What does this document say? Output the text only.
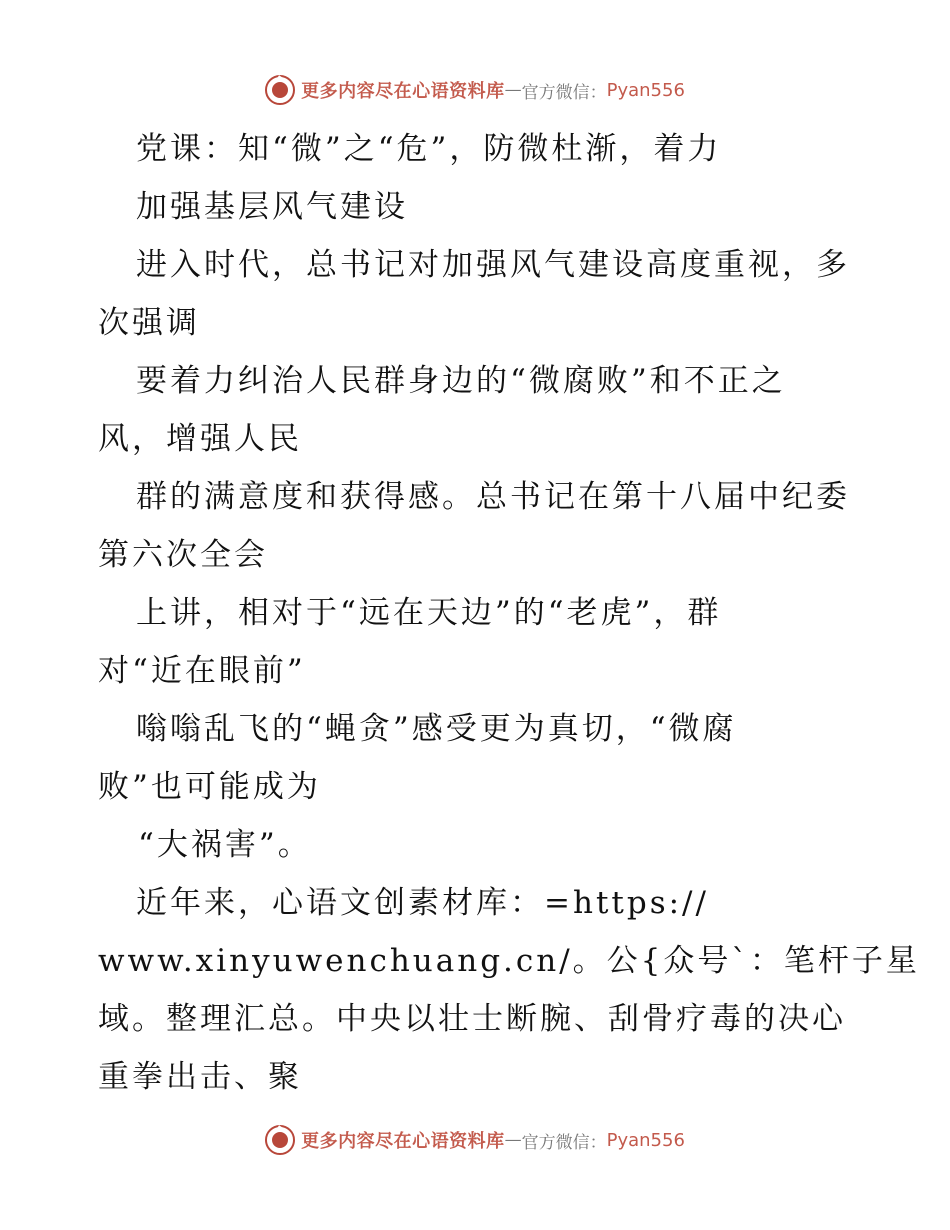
更多内容尽在心语资料库 — 官方微信： Pyan556
党课：知“微”之“危”，防微杜渐，着力
加强基层风气建设
进入时代，总书记对加强风气建设高度重视，多
次强调
要着力纠治人民群身边的“微腐败”和不正之
风，增强人民
群的满意度和获得感。总书记在第十八届中纪委
第六次全会
上讲，相对于“远在天边”的“老虎”，群
对“近在眼前”
嗡嗡乱飞的“蝇贪”感受更为真切，“微腐
败”也可能成为
“大祸害”。
近年来，心语文创素材库：=https://
www.xinyuwenchuang.cn/。公{众号`：笔杆子星
域。整理汇总。中央以壮士断腕、刮骨疗毒的决心
重拳出击、聚
更多内容尽在心语资料库 — 官方微信： Pyan556
